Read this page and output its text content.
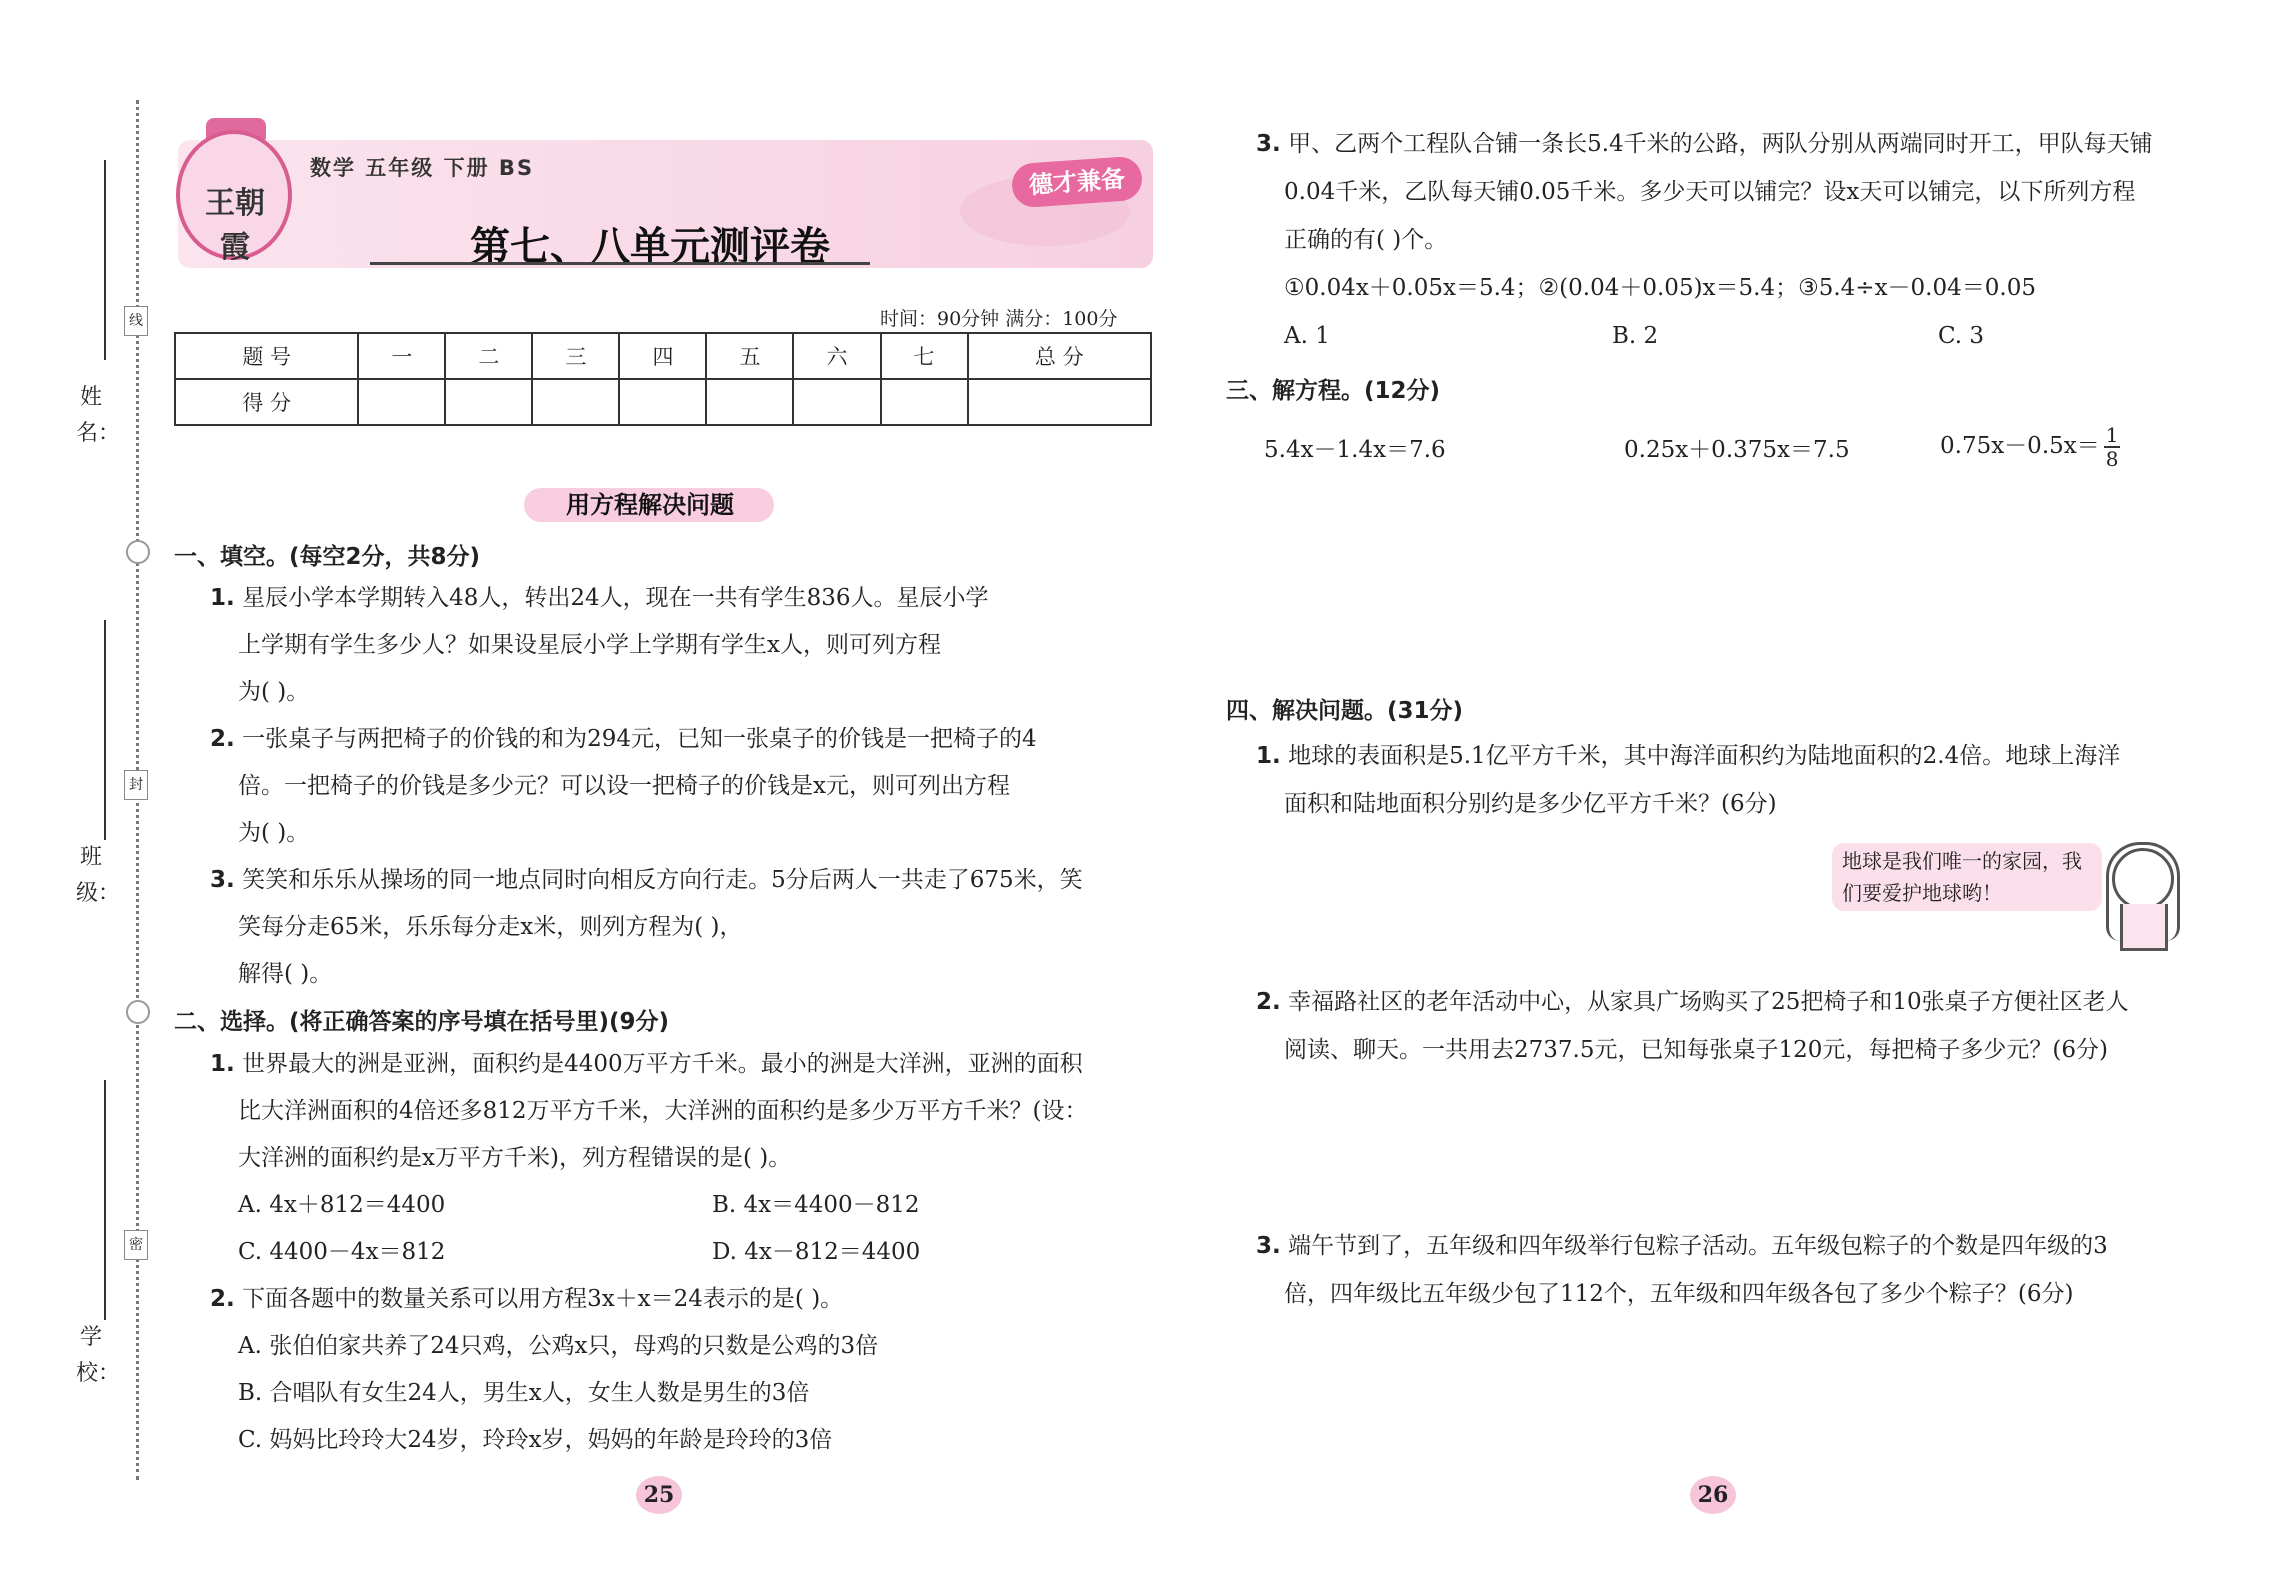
姓 名：
班 级：
学 校：
线
封
密
王朝霞
数学 五年级 下册 BS	德才兼备
第七、八单元测评卷
时间：90分钟 满分：100分
题 号	一	二	三	四	五	六	七	总 分
得 分								
用方程解决问题
一、填空。(每空2分，共8分)
1. 星辰小学本学期转入48人，转出24人，现在一共有学生836人。星辰小学
上学期有学生多少人？如果设星辰小学上学期有学生x人，则可列方程
为( )。
2. 一张桌子与两把椅子的价钱的和为294元，已知一张桌子的价钱是一把椅子的4
倍。一把椅子的价钱是多少元？可以设一把椅子的价钱是x元，则可列出方程
为( )。
3. 笑笑和乐乐从操场的同一地点同时向相反方向行走。5分后两人一共走了675米，笑
笑每分走65米，乐乐每分走x米，则列方程为( )，
解得( )。
二、选择。(将正确答案的序号填在括号里)(9分)
1. 世界最大的洲是亚洲，面积约是4400万平方千米。最小的洲是大洋洲，亚洲的面积
比大洋洲面积的4倍还多812万平方千米，大洋洲的面积约是多少万平方千米？(设：
大洋洲的面积约是x万平方千米)，列方程错误的是( )。
A. 4x＋812＝4400	B. 4x＝4400－812
C. 4400－4x＝812	D. 4x－812＝4400
2. 下面各题中的数量关系可以用方程3x＋x＝24表示的是( )。
A. 张伯伯家共养了24只鸡，公鸡x只，母鸡的只数是公鸡的3倍
B. 合唱队有女生24人，男生x人，女生人数是男生的3倍
C. 妈妈比玲玲大24岁，玲玲x岁，妈妈的年龄是玲玲的3倍
25
3. 甲、乙两个工程队合铺一条长5.4千米的公路，两队分别从两端同时开工，甲队每天铺
0.04千米，乙队每天铺0.05千米。多少天可以铺完？设x天可以铺完，以下所列方程
正确的有( )个。
①0.04x＋0.05x＝5.4；②(0.04＋0.05)x＝5.4；③5.4÷x－0.04＝0.05
A. 1	B. 2	C. 3
三、解方程。(12分)
5.4x－1.4x＝7.6	0.25x＋0.375x＝7.5	$0.75x-0.5x= \frac{1}{8}$
四、解决问题。(31分)
1. 地球的表面积是5.1亿平方千米，其中海洋面积约为陆地面积的2.4倍。地球上海洋
面积和陆地面积分别约是多少亿平方千米？(6分)
地球是我们唯一的家园，我们要爱护地球哟！
2. 幸福路社区的老年活动中心，从家具广场购买了25把椅子和10张桌子方便社区老人
阅读、聊天。一共用去2737.5元，已知每张桌子120元，每把椅子多少元？(6分)
3. 端午节到了，五年级和四年级举行包粽子活动。五年级包粽子的个数是四年级的3
倍，四年级比五年级少包了112个，五年级和四年级各包了多少个粽子？(6分)
26
